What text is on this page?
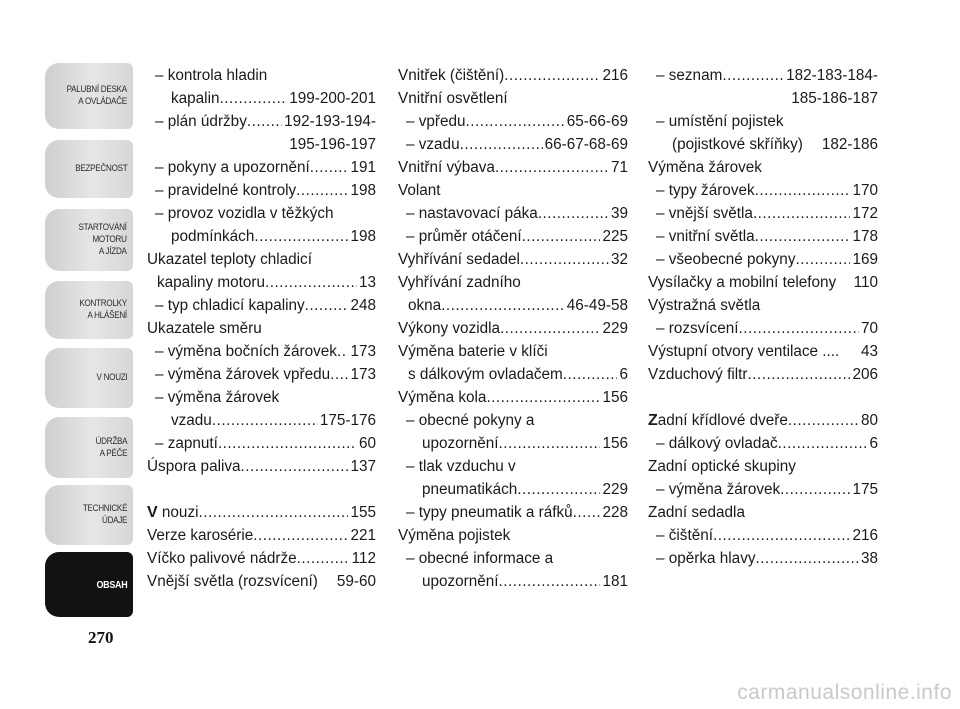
PALUBNÍ DESKA
A OVLÁDAČE
BEZPEČNOST
STARTOVÁNÍ
MOTORU
A JÍZDA
KONTROLKY
A HLÁŠENÍ
V NOUZI
ÚDRŽBA
A PÉČE
TECHNICKÉ
ÚDAJE
OBSAH
270
– kontrola hladin
kapalin .....	199-200-201
– plán údržby ..... 192-193-194-
195-196-197
– pokyny a upozornění .....	191
– pravidelné kontroly .....	198
– provoz vozidla v těžkých
podmínkách .....	198
Ukazatel teploty chladicí
kapaliny motoru .....	13
– typ chladicí kapaliny .....	248
Ukazatele směru
– výměna bočních žárovek ..... 173
– výměna žárovek vpředu ..... 173
– výměna žárovek
vzadu .....	175-176
– zapnutí .....	60
Úspora paliva .....	137
V nouzi .....	155
Verze karosérie .....	221
Víčko palivové nádrže .....	112
Vnější světla (rozsvícení) 59-60
Vnitřek (čištění) .....	216
Vnitřní osvětlení
– vpředu .....	65-66-69
– vzadu .....	66-67-68-69
Vnitřní výbava .....	71
Volant
– nastavovací páka .....	39
– průměr otáčení .....	225
Vyhřívání sedadel .....	32
Vyhřívání zadního
okna .....	46-49-58
Výkony vozidla .....	229
Výměna baterie v klíči
s dálkovým ovladačem .....	6
Výměna kola .....	156
– obecné pokyny a
upozornění .....	156
– tlak vzduchu v
pneumatikách .....	229
– typy pneumatik a ráfků ..... 228
Výměna pojistek
– obecné informace a
upozornění .....	181
– seznam .....	182-183-184-
185-186-187
– umístění pojistek
(pojistkové skříňky) 182-186
Výměna žárovek
– typy žárovek .....	170
– vnější světla .....	172
– vnitřní světla .....	178
– všeobecné pokyny .....	169
Vysílačky a mobilní telefony 110
Výstražná světla
– rozsvícení .....	70
Výstupní otvory ventilace .... 43
Vzduchový filtr .....	206
Zadní křídlové dveře .....	80
– dálkový ovladač .....	6
Zadní optické skupiny
– výměna žárovek .....	175
Zadní sedadla
– čištění .....	216
– opěrka hlavy .....	38
carmanualsonline.info
